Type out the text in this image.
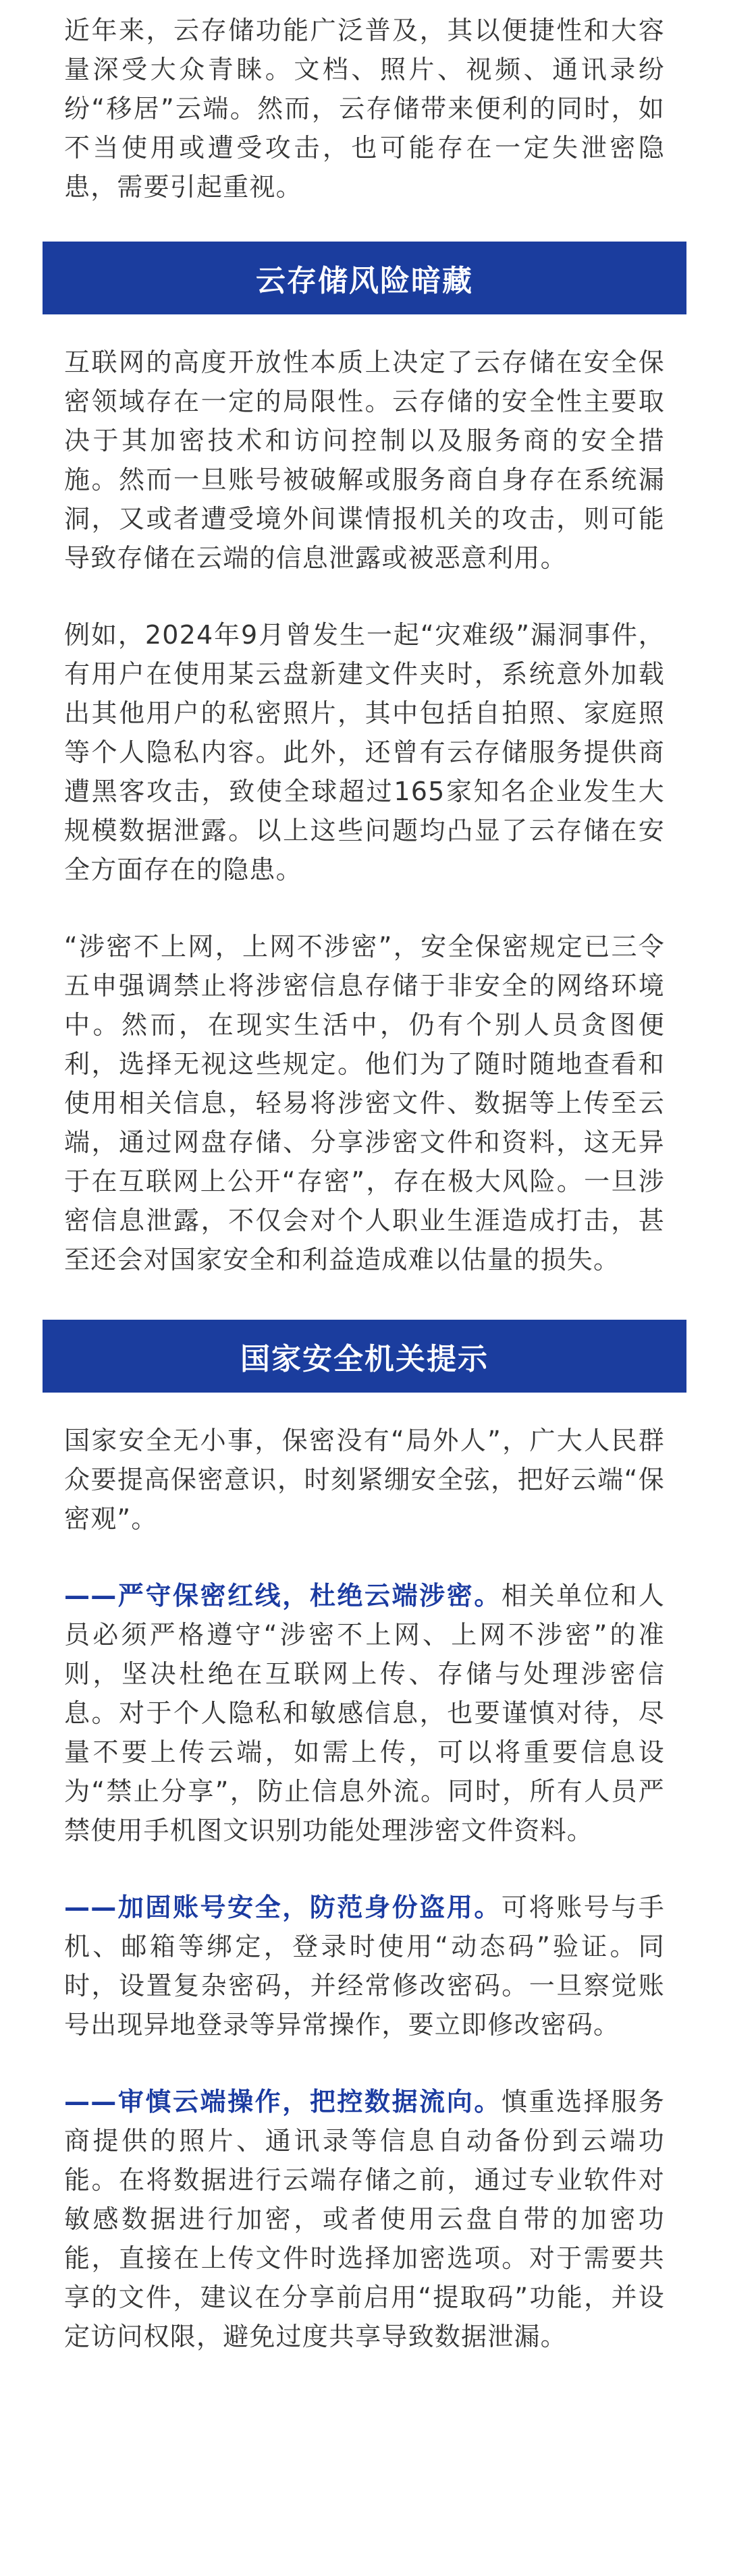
近年来，云存储功能广泛普及，其以便捷性和大容量深受大众青睐。文档、照片、视频、通讯录纷纷“移居”云端。然而，云存储带来便利的同时，如不当使用或遭受攻击，也可能存在一定失泄密隐患，需要引起重视。

云存储风险暗藏

互联网的高度开放性本质上决定了云存储在安全保密领域存在一定的局限性。云存储的安全性主要取决于其加密技术和访问控制以及服务商的安全措施。然而一旦账号被破解或服务商自身存在系统漏洞，又或者遭受境外间谍情报机关的攻击，则可能导致存储在云端的信息泄露或被恶意利用。

例如，2024年9月曾发生一起“灾难级”漏洞事件，有用户在使用某云盘新建文件夹时，系统意外加载出其他用户的私密照片，其中包括自拍照、家庭照等个人隐私内容。此外，还曾有云存储服务提供商遭黑客攻击，致使全球超过165家知名企业发生大规模数据泄露。以上这些问题均凸显了云存储在安全方面存在的隐患。

“涉密不上网，上网不涉密”，安全保密规定已三令五申强调禁止将涉密信息存储于非安全的网络环境中。然而，在现实生活中，仍有个别人员贪图便利，选择无视这些规定。他们为了随时随地查看和使用相关信息，轻易将涉密文件、数据等上传至云端，通过网盘存储、分享涉密文件和资料，这无异于在互联网上公开“存密”，存在极大风险。一旦涉密信息泄露，不仅会对个人职业生涯造成打击，甚至还会对国家安全和利益造成难以估量的损失。

国家安全机关提示

国家安全无小事，保密没有“局外人”，广大人民群众要提高保密意识，时刻紧绷安全弦，把好云端“保密观”。

——严守保密红线，杜绝云端涉密。相关单位和人员必须严格遵守“涉密不上网、上网不涉密”的准则，坚决杜绝在互联网上传、存储与处理涉密信息。对于个人隐私和敏感信息，也要谨慎对待，尽量不要上传云端，如需上传，可以将重要信息设为“禁止分享”，防止信息外流。同时，所有人员严禁使用手机图文识别功能处理涉密文件资料。

——加固账号安全，防范身份盗用。可将账号与手机、邮箱等绑定，登录时使用“动态码”验证。同时，设置复杂密码，并经常修改密码。一旦察觉账号出现异地登录等异常操作，要立即修改密码。

——审慎云端操作，把控数据流向。慎重选择服务商提供的照片、通讯录等信息自动备份到云端功能。在将数据进行云端存储之前，通过专业软件对敏感数据进行加密，或者使用云盘自带的加密功能，直接在上传文件时选择加密选项。对于需要共享的文件，建议在分享前启用“提取码”功能，并设定访问权限，避免过度共享导致数据泄漏。
